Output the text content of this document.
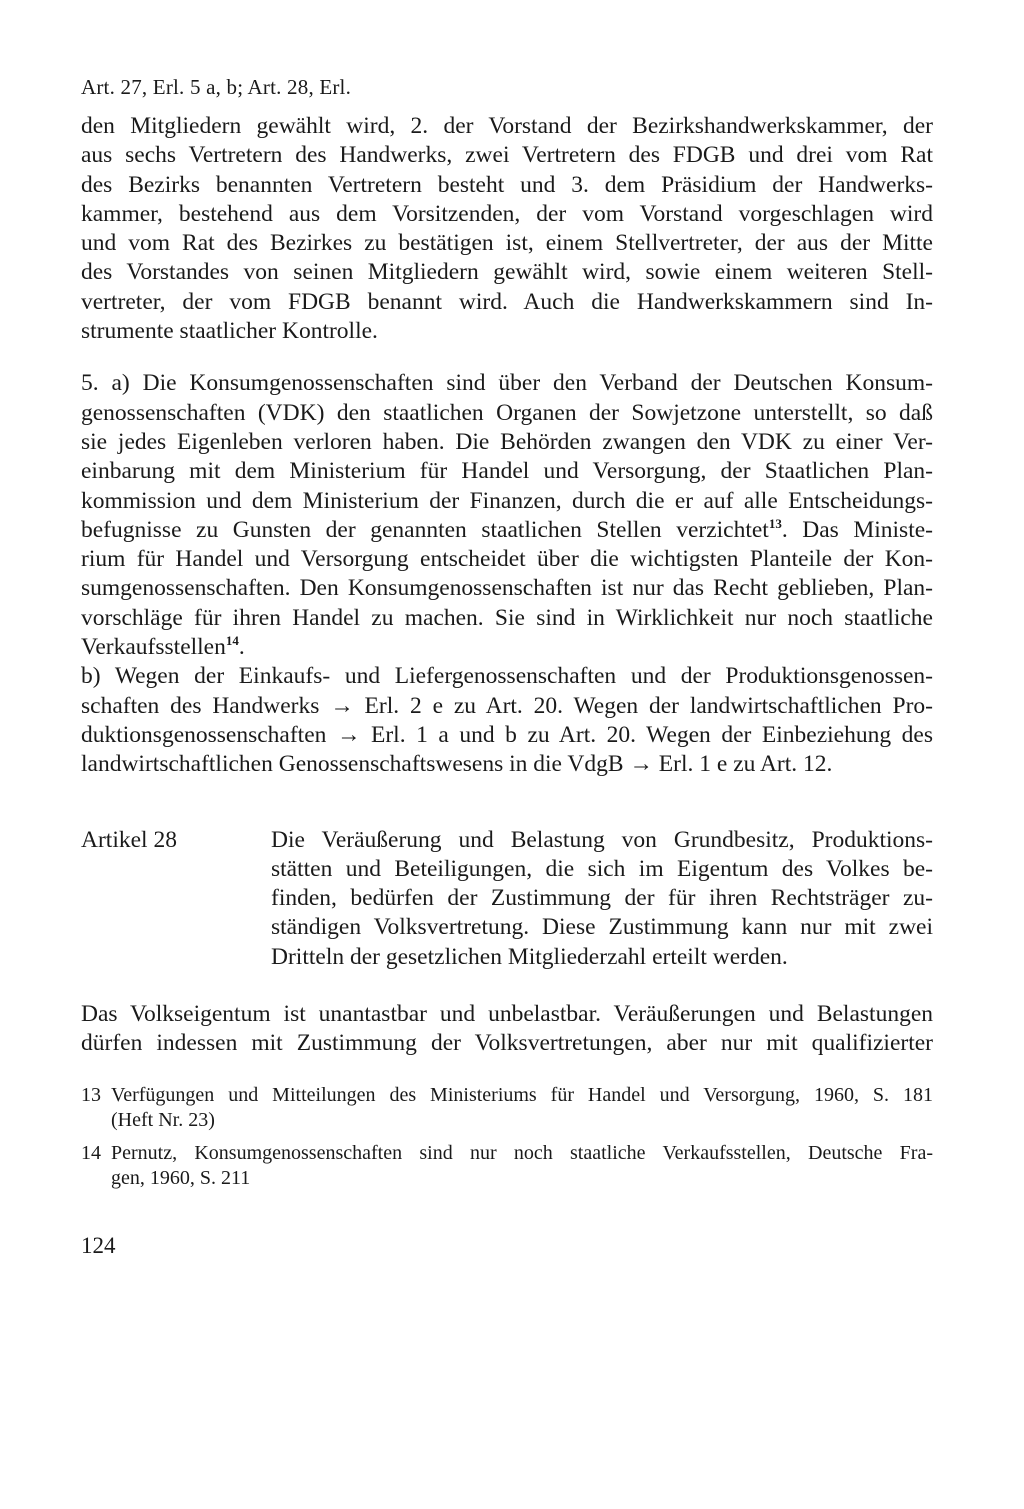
Art. 27, Erl. 5 a, b; Art. 28, Erl.
den Mitgliedern gewählt wird, 2. der Vorstand der Bezirkshandwerkskammer, der
aus sechs Vertretern des Handwerks, zwei Vertretern des FDGB und drei vom Rat
des Bezirks benannten Vertretern besteht und 3. dem Präsidium der Handwerks-
kammer, bestehend aus dem Vorsitzenden, der vom Vorstand vorgeschlagen wird
und vom Rat des Bezirkes zu bestätigen ist, einem Stellvertreter, der aus der Mitte
des Vorstandes von seinen Mitgliedern gewählt wird, sowie einem weiteren Stell-
vertreter, der vom FDGB benannt wird. Auch die Handwerkskammern sind In-
strumente staatlicher Kontrolle.
5. a) Die Konsumgenossenschaften sind über den Verband der Deutschen Konsum-
genossenschaften (VDK) den staatlichen Organen der Sowjetzone unterstellt, so daß
sie jedes Eigenleben verloren haben. Die Behörden zwangen den VDK zu einer Ver-
einbarung mit dem Ministerium für Handel und Versorgung, der Staatlichen Plan-
kommission und dem Ministerium der Finanzen, durch die er auf alle Entscheidungs-
befugnisse zu Gunsten der genannten staatlichen Stellen verzichtet$^{13}$. Das Ministe-
rium für Handel und Versorgung entscheidet über die wichtigsten Planteile der Kon-
sumgenossenschaften. Den Konsumgenossenschaften ist nur das Recht geblieben, Plan-
vorschläge für ihren Handel zu machen. Sie sind in Wirklichkeit nur noch staatliche
Verkaufsstellen$^{14}$.
b) Wegen der Einkaufs- und Liefergenossenschaften und der Produktionsgenossen-
schaften des Handwerks → Erl. 2 e zu Art. 20. Wegen der landwirtschaftlichen Pro-
duktionsgenossenschaften → Erl. 1 a und b zu Art. 20. Wegen der Einbeziehung des
landwirtschaftlichen Genossenschaftswesens in die VdgB → Erl. 1 e zu Art. 12.
Artikel 28	Die Veräußerung und Belastung von Grundbesitz, Produktions-
stätten und Beteiligungen, die sich im Eigentum des Volkes be-
finden, bedürfen der Zustimmung der für ihren Rechtsträger zu-
ständigen Volksvertretung. Diese Zustimmung kann nur mit zwei
Dritteln der gesetzlichen Mitgliederzahl erteilt werden.
Das Volkseigentum ist unantastbar und unbelastbar. Veräußerungen und Belastungen
dürfen indessen mit Zustimmung der Volksvertretungen, aber nur mit qualifizierter
13 Verfügungen und Mitteilungen des Ministeriums für Handel und Versorgung, 1960, S. 181
(Heft Nr. 23)
14 Pernutz, Konsumgenossenschaften sind nur noch staatliche Verkaufsstellen, Deutsche Fra-
gen, 1960, S. 211
124
